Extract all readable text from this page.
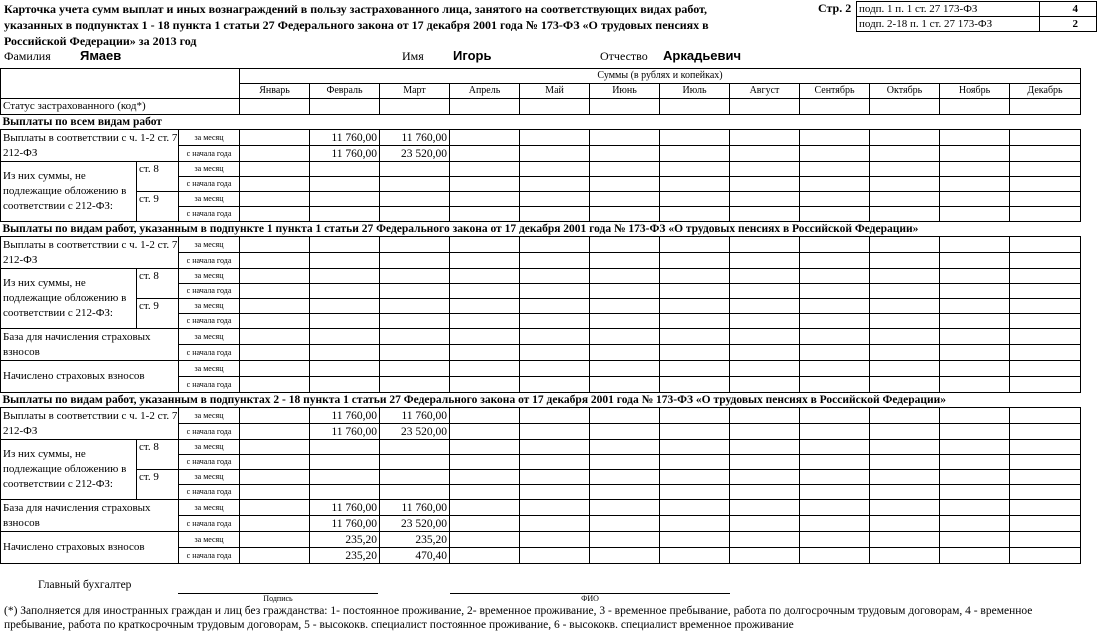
Карточка учета сумм выплат и иных вознаграждений в пользу застрахованного лица, занятого на соответствующих видах работ, указанных в подпунктах 1 - 18 пункта 1 статьи 27 Федерального закона от 17 декабря 2001 года № 173-ФЗ «О трудовых пенсиях в Российской Федерации» за 2013 год
Стр. 2 подп. 1 п. 1 ст. 27 173-ФЗ	4
подп. 2-18 п. 1 ст. 27 173-ФЗ	2
Фамилия Ямаев	Имя Игорь	Отчество Аркадьевич
			Суммы (в рублях и копейках)											
			Январь	Февраль	Март	Апрель	Май	Июнь	Июль	Август	Сентябрь	Октябрь	Ноябрь	Декабрь
Статус застрахованного (код*)														
Выплаты по всем видам работ														
Выплаты в соответствии с ч. 1-2 ст. 7 212-ФЗ		за месяц		11 760,00	11 760,00									
		с начала года		11 760,00	23 520,00									
Из них суммы, не подлежащие обложению в соответствии с 212-ФЗ:	ст. 8	за месяц												
		с начала года												
	ст. 9	за месяц												
		с начала года												
Выплаты по видам работ, указанным в подпункте 1 пункта 1 статьи 27 Федерального закона от 17 декабря 2001 года № 173-ФЗ «О трудовых пенсиях в Российской Федерации»														
Выплаты в соответствии с ч. 1-2 ст. 7 212-ФЗ		за месяц												
		с начала года												
Из них суммы, не подлежащие обложению в соответствии с 212-ФЗ:	ст. 8	за месяц												
		с начала года												
	ст. 9	за месяц												
		с начала года												
База для начисления страховых взносов		за месяц												
		с начала года												
Начислено страховых взносов		за месяц												
		с начала года												
Выплаты по видам работ, указанным в подпунктах 2 - 18 пункта 1 статьи 27 Федерального закона от 17 декабря 2001 года № 173-ФЗ «О трудовых пенсиях в Российской Федерации»														
Выплаты в соответствии с ч. 1-2 ст. 7 212-ФЗ		за месяц		11 760,00	11 760,00									
		с начала года		11 760,00	23 520,00									
Из них суммы, не подлежащие обложению в соответствии с 212-ФЗ:	ст. 8	за месяц												
		с начала года												
	ст. 9	за месяц												
		с начала года												
База для начисления страховых взносов		за месяц		11 760,00	11 760,00									
		с начала года		11 760,00	23 520,00									
Начислено страховых взносов		за месяц		235,20	235,20									
		с начала года		235,20	470,40									
Главный бухгалтер
Подпись	ФИО
(*) Заполняется для иностранных граждан и лиц без гражданства: 1- постоянное проживание, 2- временное проживание, 3 - временное пребывание, работа по долгосрочным трудовым договорам, 4 - временное пребывание, работа по краткосрочным трудовым договорам, 5 - высококв. специалист постоянное проживание, 6 - высококв. специалист временное проживание
